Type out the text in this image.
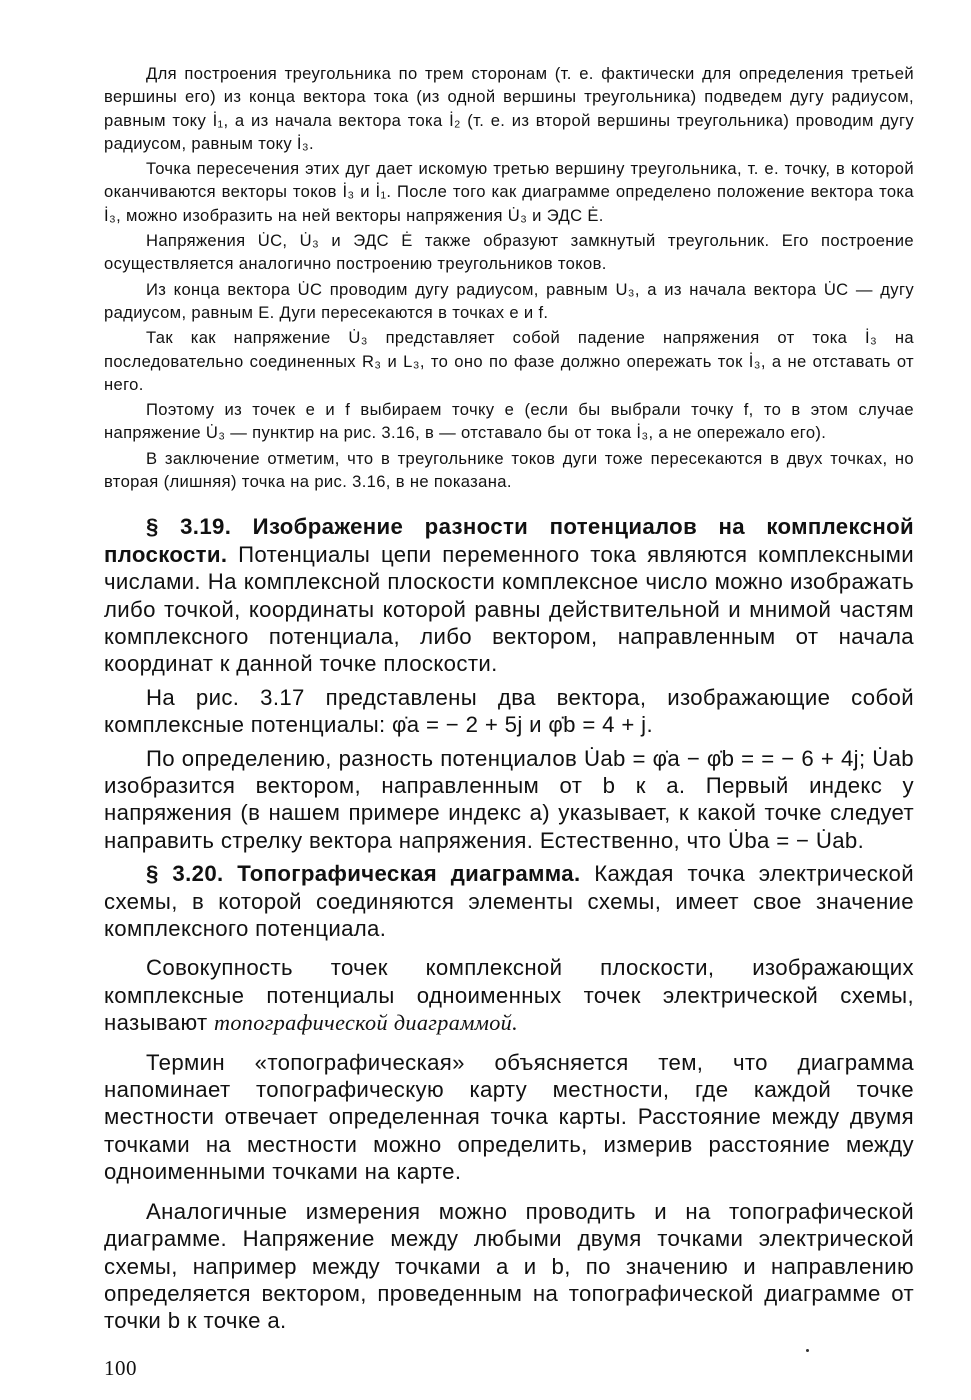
Для построения треугольника по трем сторонам (т. е. фактически для определения третьей вершины его) из конца вектора тока (из одной вершины треугольника) подведем дугу радиусом, равным току İ₁, а из начала вектора тока İ₂ (т. е. из второй вершины треугольника) проводим дугу радиусом, равным току İ₃.

Точка пересечения этих дуг дает искомую третью вершину треугольника, т. е. точку, в которой оканчиваются векторы токов İ₃ и İ₁. После того как диаграмме определено положение вектора тока İ₃, можно изобразить на ней векторы напряжения U̇₃ и ЭДС Ė.

Напряжения U̇C, U̇₃ и ЭДС Ė также образуют замкнутый треугольник. Его построение осуществляется аналогично построению треугольников токов.

Из конца вектора U̇C проводим дугу радиусом, равным U₃, а из начала вектора U̇C — дугу радиусом, равным E. Дуги пересекаются в точках e и f.

Так как напряжение U̇₃ представляет собой падение напряжения от тока İ₃ на последовательно соединенных R₃ и L₃, то оно по фазе должно опережать ток İ₃, а не отставать от него.

Поэтому из точек e и f выбираем точку e (если бы выбрали точку f, то в этом случае напряжение U̇₃ — пунктир на рис. 3.16, в — отставало бы от тока İ₃, а не опережало его).

В заключение отметим, что в треугольнике токов дуги тоже пересекаются в двух точках, но вторая (лишняя) точка на рис. 3.16, в не показана.

§ 3.19. Изображение разности потенциалов на комплексной плоскости. Потенциалы цепи переменного тока являются комплексными числами. На комплексной плоскости комплексное число можно изображать либо точкой, координаты которой равны действительной и мнимой частям комплексного потенциала, либо вектором, направленным от начала координат к данной точке плоскости.

На рис. 3.17 представлены два вектора, изображающие собой комплексные потенциалы: φ̇a = − 2 + 5j и φ̇b = 4 + j.

По определению, разность потенциалов U̇ab = φ̇a − φ̇b = = − 6 + 4j; U̇ab изобразится вектором, направленным от b к a. Первый индекс у напряжения (в нашем примере индекс a) указывает, к какой точке следует направить стрелку вектора напряжения. Естественно, что U̇ba = − U̇ab.

§ 3.20. Топографическая диаграмма. Каждая точка электрической схемы, в которой соединяются элементы схемы, имеет свое значение комплексного потенциала.

Совокупность точек комплексной плоскости, изображающих комплексные потенциалы одноименных точек электрической схемы, называют топографической диаграммой.

Термин «топографическая» объясняется тем, что диаграмма напоминает топографическую карту местности, где каждой точке местности отвечает определенная точка карты. Расстояние между двумя точками на местности можно определить, измерив расстояние между одноименными точками на карте.

Аналогичные измерения можно проводить и на топографической диаграмме. Напряжение между любыми двумя точками электрической схемы, например между точками a и b, по значению и направлению определяется вектором, проведенным на топографической диаграмме от точки b к точке a.

100
